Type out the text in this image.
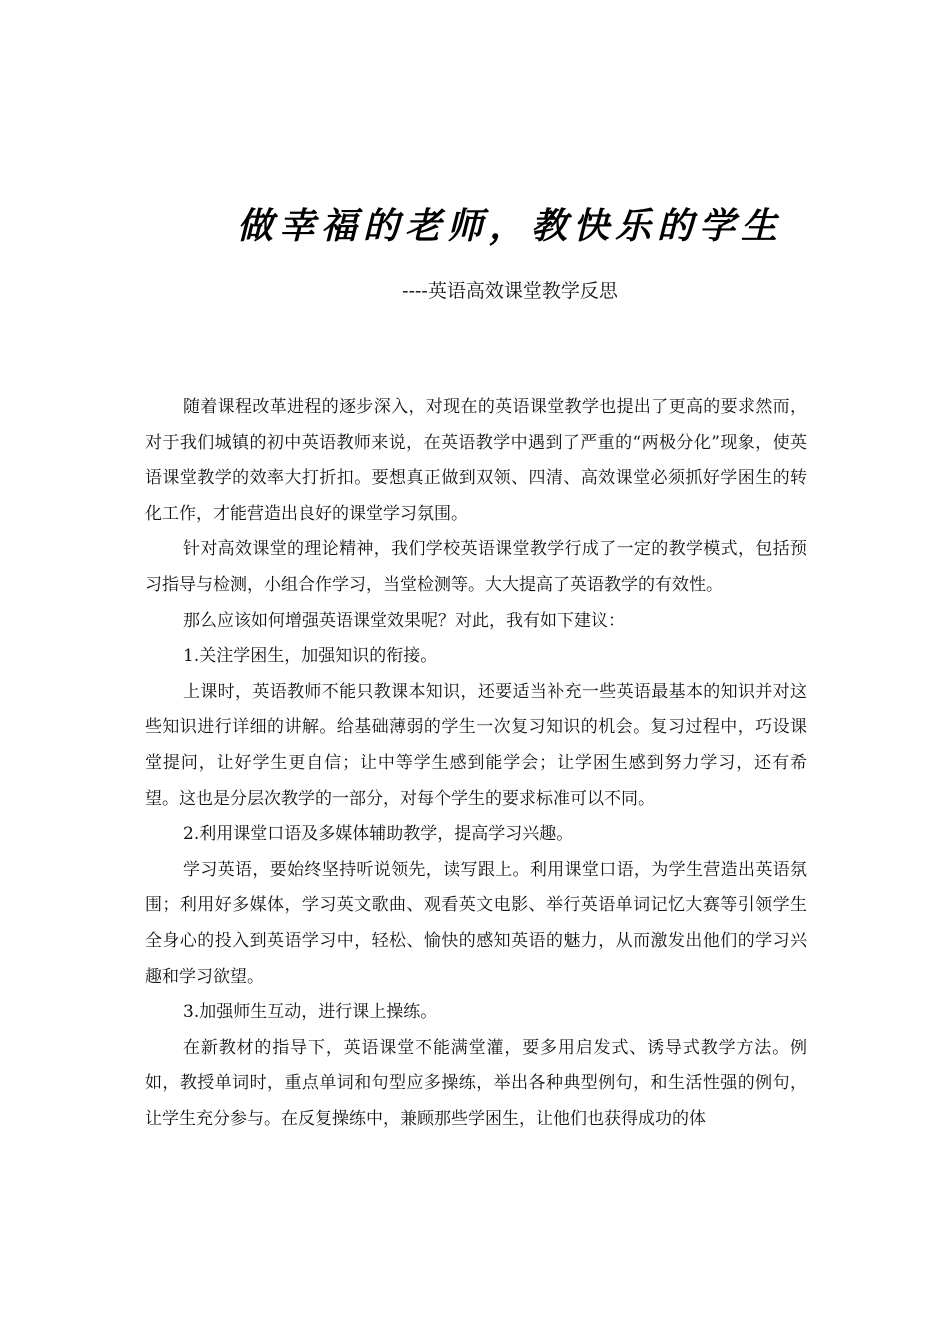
做幸福的老师，教快乐的学生
----英语高效课堂教学反思

随着课程改革进程的逐步深入，对现在的英语课堂教学也提出了更高的要求然而，对于我们城镇的初中英语教师来说，在英语教学中遇到了严重的“两极分化”现象，使英语课堂教学的效率大打折扣。要想真正做到双领、四清、高效课堂必须抓好学困生的转化工作，才能营造出良好的课堂学习氛围。

针对高效课堂的理论精神，我们学校英语课堂教学行成了一定的教学模式，包括预习指导与检测，小组合作学习，当堂检测等。大大提高了英语教学的有效性。

那么应该如何增强英语课堂效果呢？对此，我有如下建议：

1.关注学困生，加强知识的衔接。

上课时，英语教师不能只教课本知识，还要适当补充一些英语最基本的知识并对这些知识进行详细的讲解。给基础薄弱的学生一次复习知识的机会。复习过程中，巧设课堂提问，让好学生更自信；让中等学生感到能学会；让学困生感到努力学习，还有希望。这也是分层次教学的一部分，对每个学生的要求标准可以不同。

2.利用课堂口语及多媒体辅助教学，提高学习兴趣。

学习英语，要始终坚持听说领先，读写跟上。利用课堂口语，为学生营造出英语氛围；利用好多媒体，学习英文歌曲、观看英文电影、举行英语单词记忆大赛等引领学生全身心的投入到英语学习中，轻松、愉快的感知英语的魅力，从而激发出他们的学习兴趣和学习欲望。

3.加强师生互动，进行课上操练。

在新教材的指导下，英语课堂不能满堂灌，要多用启发式、诱导式教学方法。例如，教授单词时，重点单词和句型应多操练，举出各种典型例句，和生活性强的例句，让学生充分参与。在反复操练中，兼顾那些学困生，让他们也获得成功的体
